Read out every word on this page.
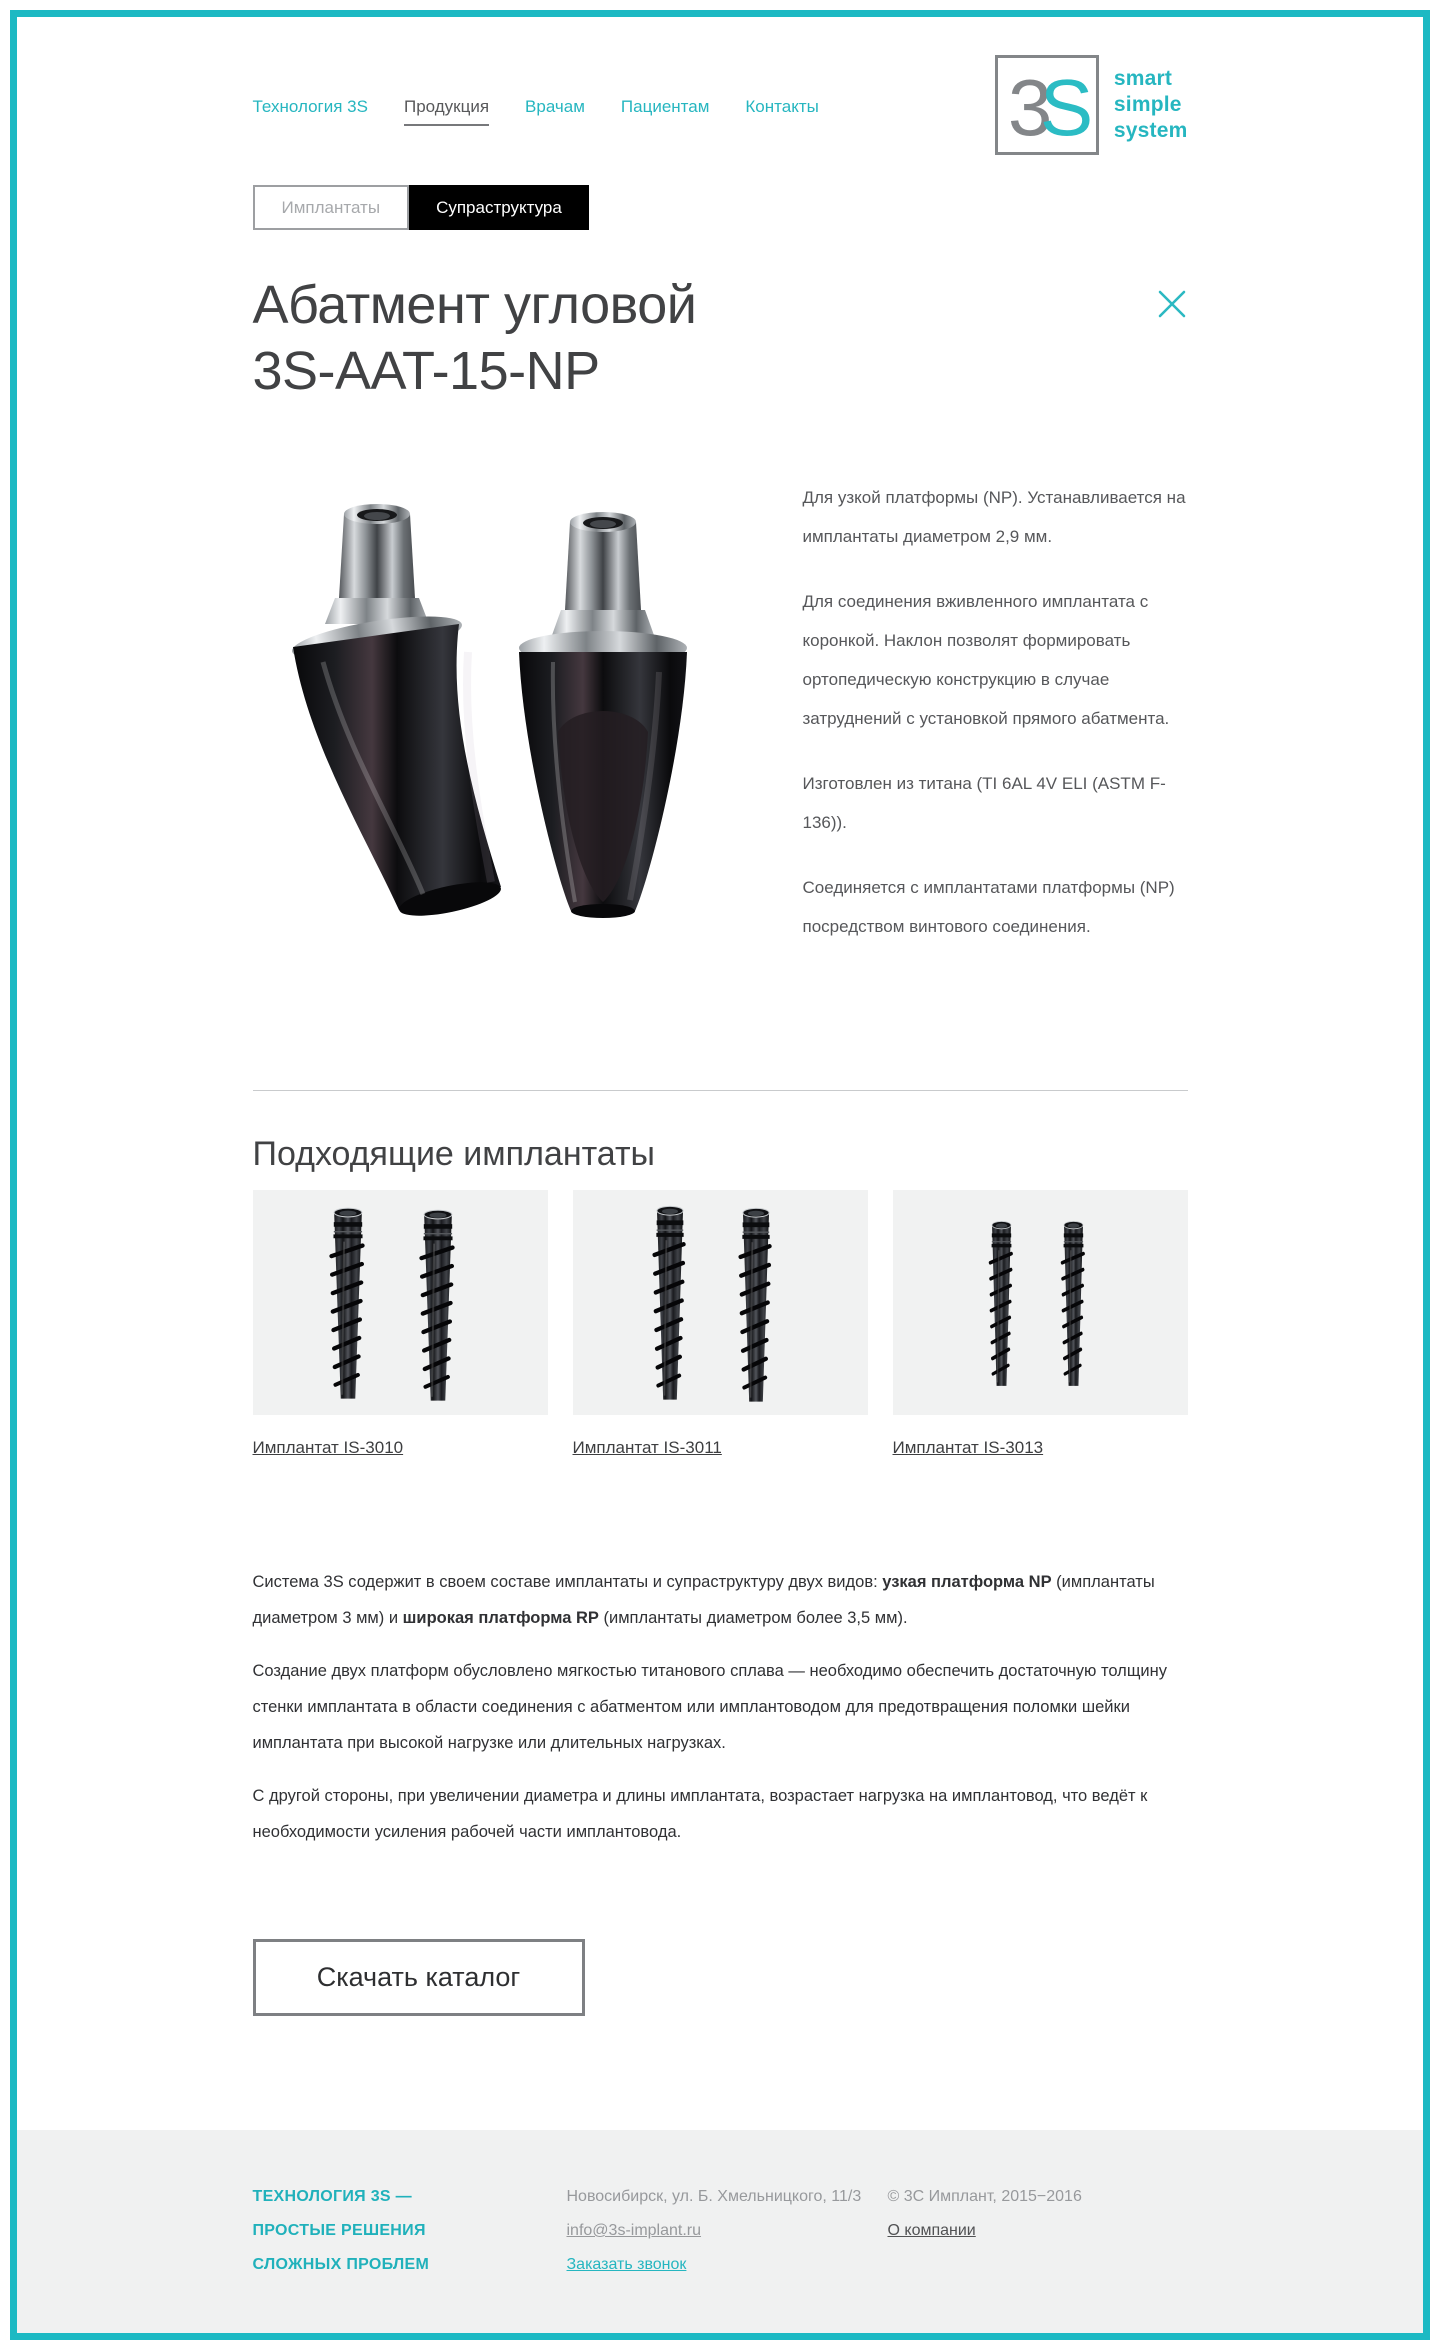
Технология 3S Продукция Врачам Пациентам Контакты 3
S smart
simple
system
Имплантаты	Супраструктура
Абатмент угловой
3S-AAT-15-NP

Для узкой платформы (NP). Устанавливается на имплантаты диаметром 2,9 мм.

Для соединения вживленного имплантата с коронкой. Наклон позволят формировать ортопедическую конструкцию в случае затруднений с установкой прямого абатмента.

Изготовлен из титана (TI 6AL 4V ELI (ASTM F-136)).

Соединяется с имплантатами платформы (NP) посредством винтового соединения.

Подходящие имплантаты
Имплантат IS-3010	Имплантат IS-3011	Имплантат IS-3013

Система 3S содержит в своем составе имплантаты и супраструктуру двух видов: узкая платформа NP (имплантаты диаметром 3 мм) и широкая платформа RP (имплантаты диаметром более 3,5 мм).

Создание двух платформ обусловлено мягкостью титанового сплава — необходимо обеспечить достаточную толщину стенки имплантата в области соединения с абатментом или имплантоводом для предотвращения поломки шейки имплантата при высокой нагрузке или длительных нагрузках.

С другой стороны, при увеличении диаметра и длины имплантата, возрастает нагрузка на имплантовод, что ведёт к необходимости усиления рабочей части имплантовода.

Скачать каталог
ТЕХНОЛОГИЯ 3S —
ПРОСТЫЕ РЕШЕНИЯ
СЛОЖНЫХ ПРОБЛЕМ
Новосибирск, ул. Б. Хмельницкого, 11/3
info@3s-implant.ru
Заказать звонок
© 3С Имплант, 2015−2016
О компании
